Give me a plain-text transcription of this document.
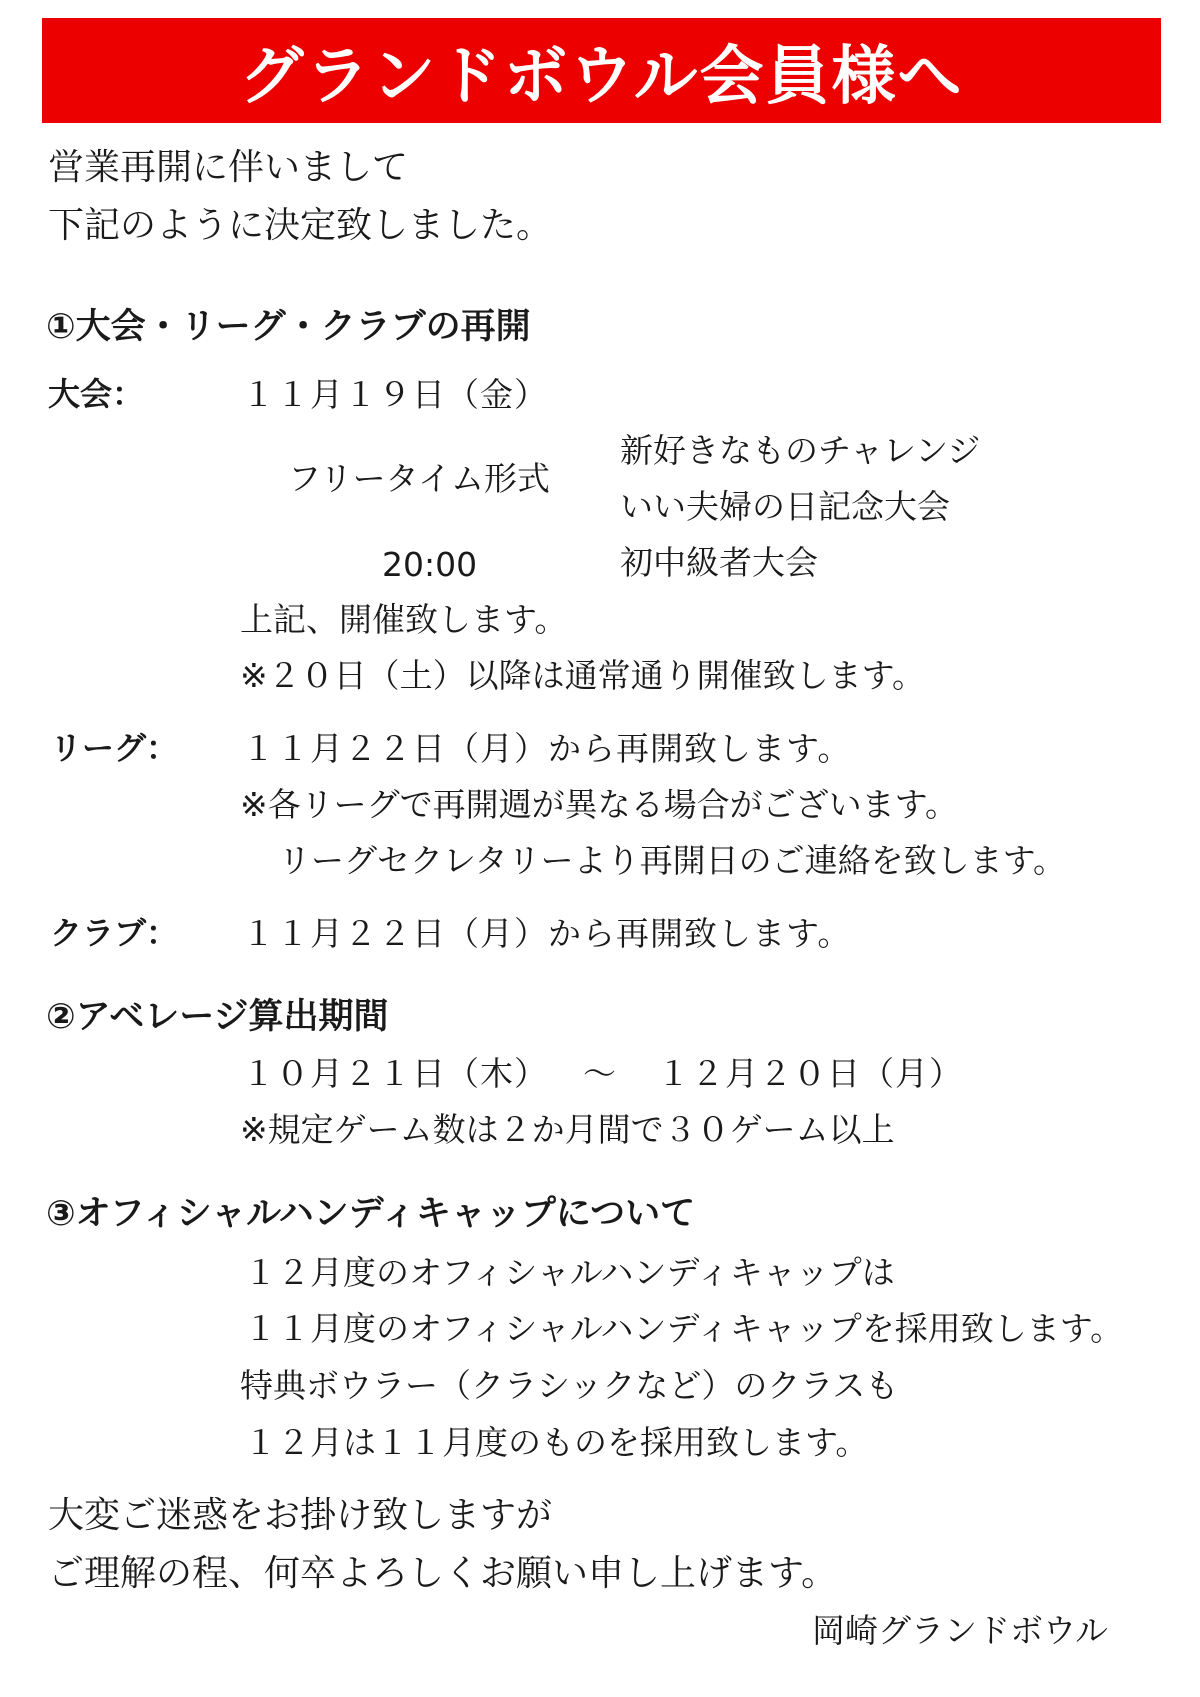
グランドボウル会員様へ
営業再開に伴いまして
下記のように決定致しました。
①大会・リーグ・クラブの再開
大会：	１１月１９日（金）
フリータイム形式
20:00
新好きなものチャレンジ
いい夫婦の日記念大会
初中級者大会
上記、開催致します。
※２０日（土）以降は通常通り開催致します。
リーグ： １１月２２日（月）から再開致します。
※各リーグで再開週が異なる場合がございます。
リーグセクレタリーより再開日のご連絡を致します。
クラブ： １１月２２日（月）から再開致します。
②アベレージ算出期間
１０月２１日（木） ～ １２月２０日（月）
※規定ゲーム数は２か月間で３０ゲーム以上
③オフィシャルハンディキャップについて
１２月度のオフィシャルハンディキャップは
１１月度のオフィシャルハンディキャップを採用致します。
特典ボウラー（クラシックなど）のクラスも
１２月は１１月度のものを採用致します。
大変ご迷惑をお掛け致しますが
ご理解の程、何卒よろしくお願い申し上げます。
岡崎グランドボウル
